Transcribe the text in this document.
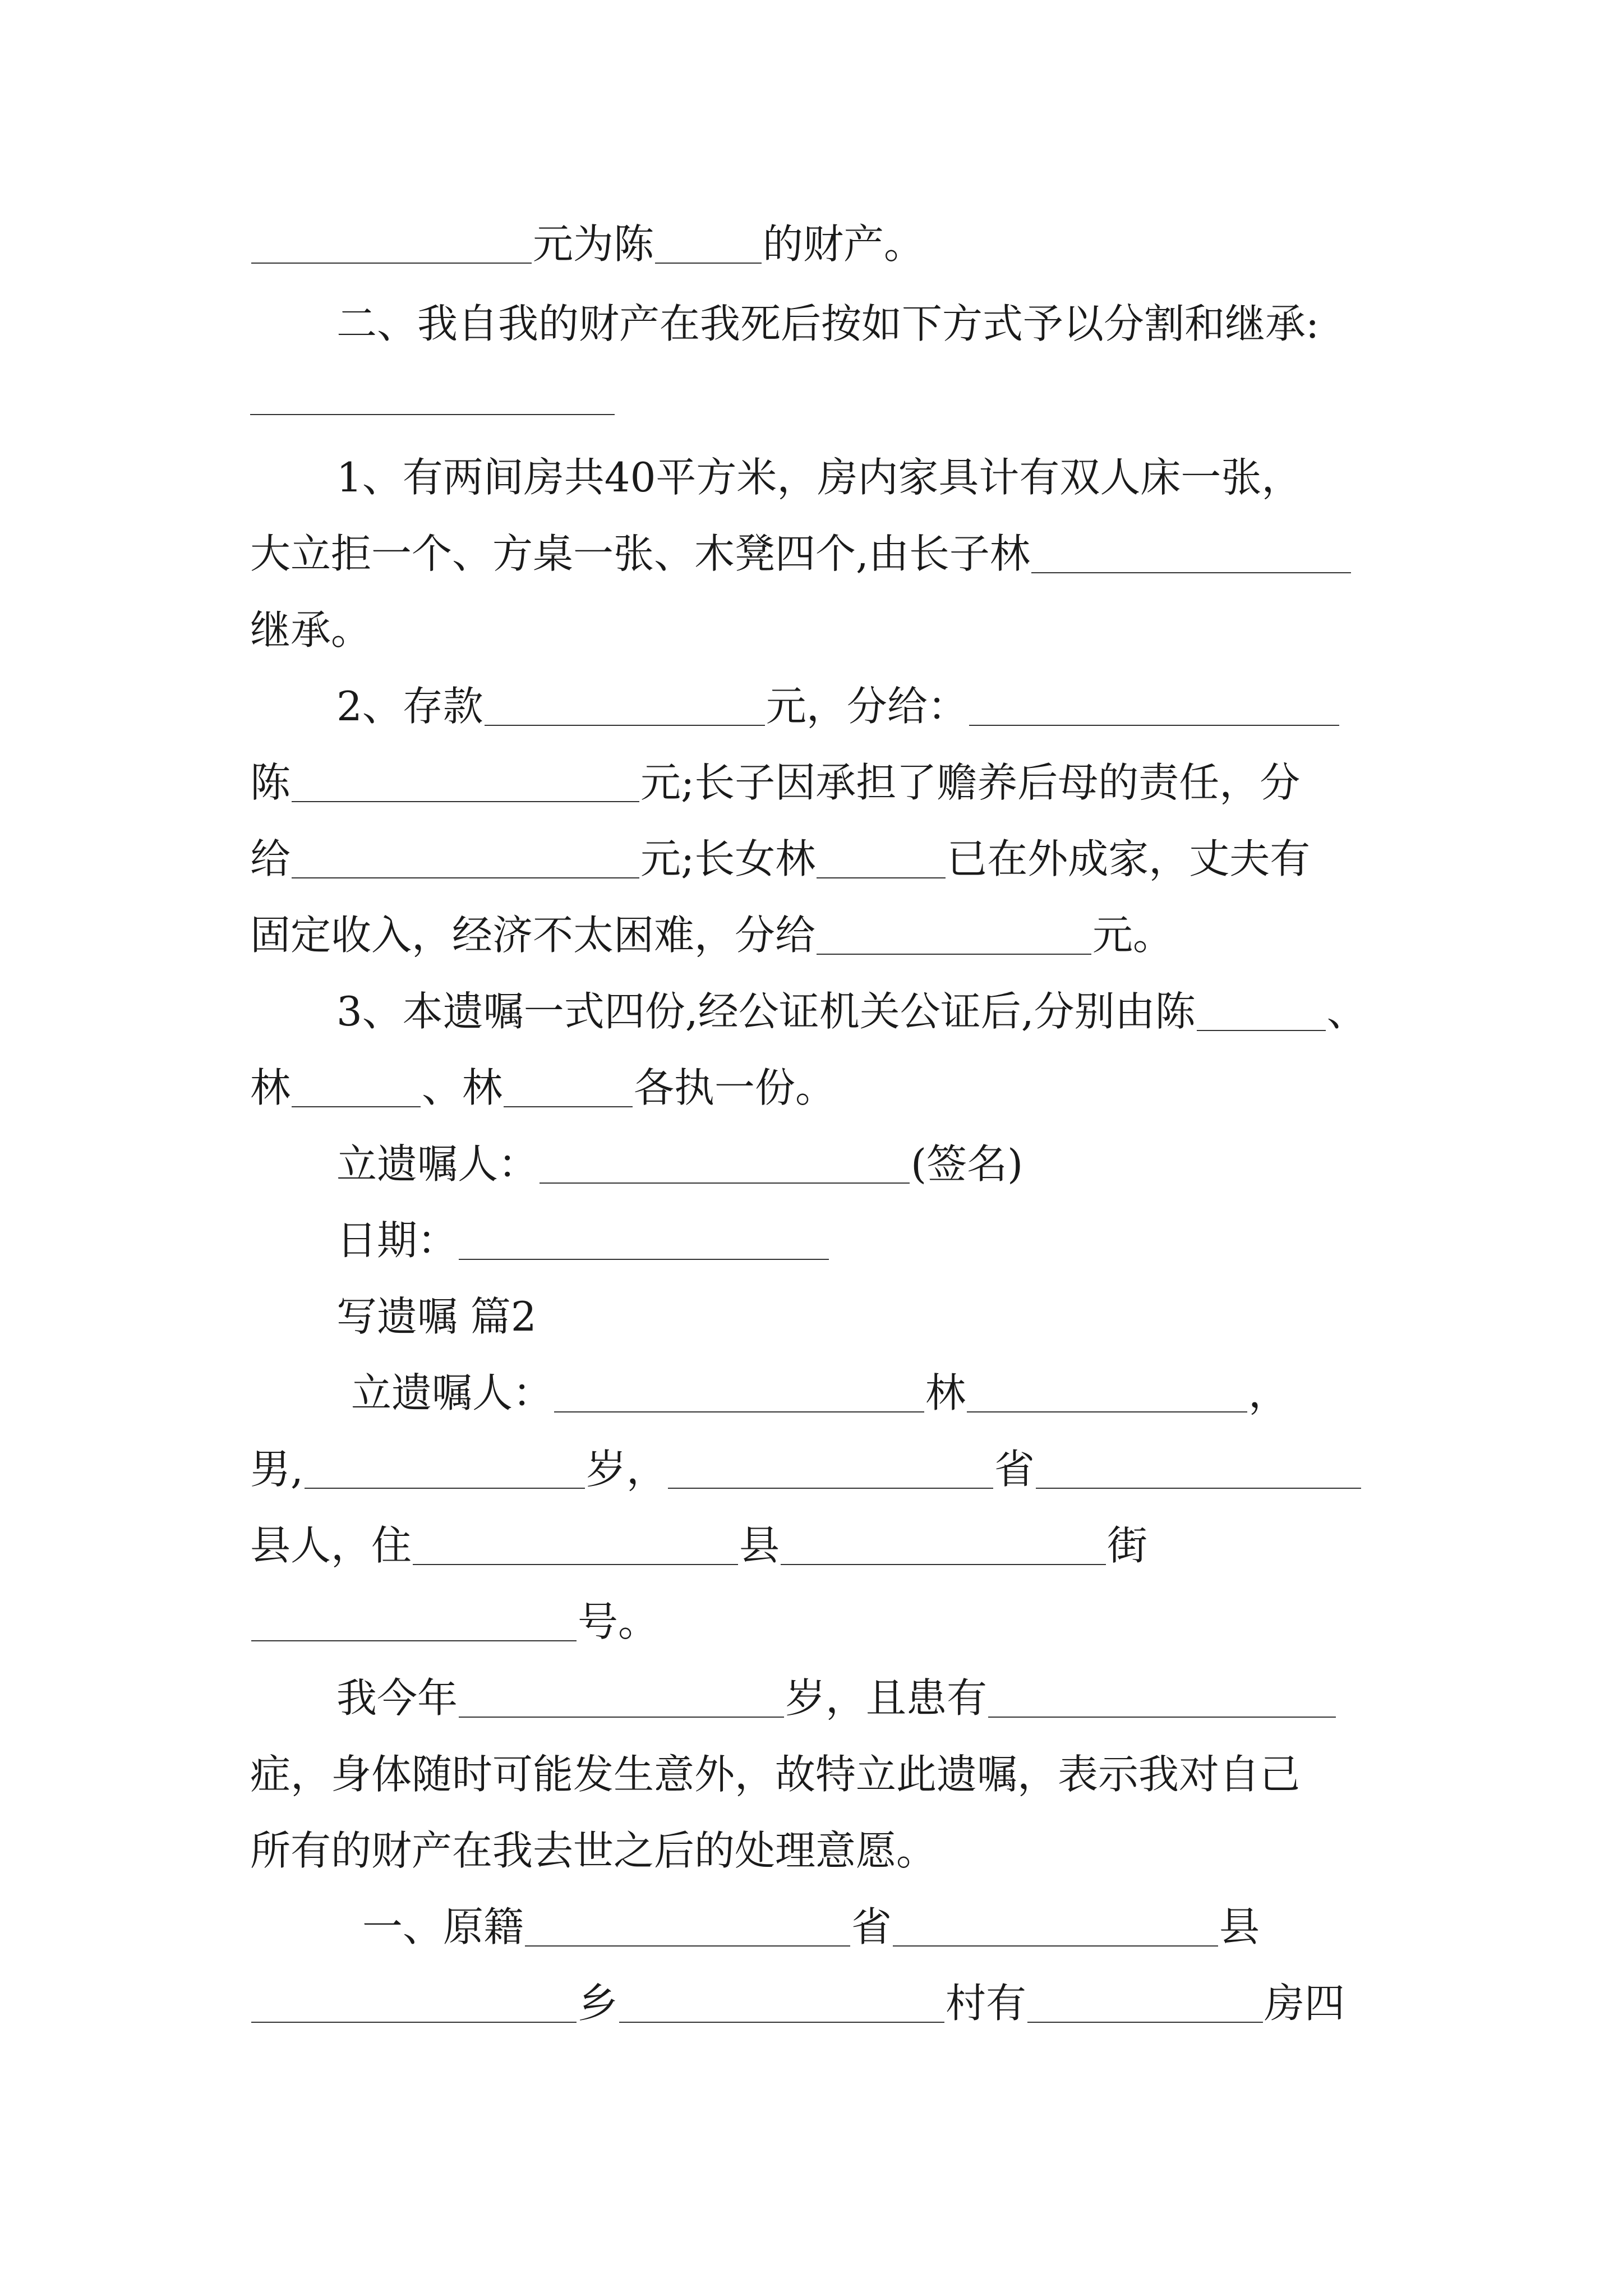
元为陈	的财产。
二、我自我的财产在我死后按如下方式予以分割和继承:
1、有两间房共40平方米，房内家具计有双人床一张，
大立拒一个、方桌一张、木凳四个,由长子林
继承。
2、存款	元，分给：
陈	元;长子因承担了赡养后母的责任，分
给	元;长女林	已在外成家，丈夫有
固定收入，经济不太困难，分给	元。
3、本遗嘱一式四份,经公证机关公证后,分别由陈	、
林	、林	各执一份。
立遗嘱人：	(签名)
日期：
写遗嘱 篇2
立遗嘱人：	林	，
男,	岁，	省
县人，住	县	街
号。
我今年	岁，且患有
症，身体随时可能发生意外，故特立此遗嘱，表示我对自己
所有的财产在我去世之后的处理意愿。
一、原籍	省	县
乡	村有	房四
